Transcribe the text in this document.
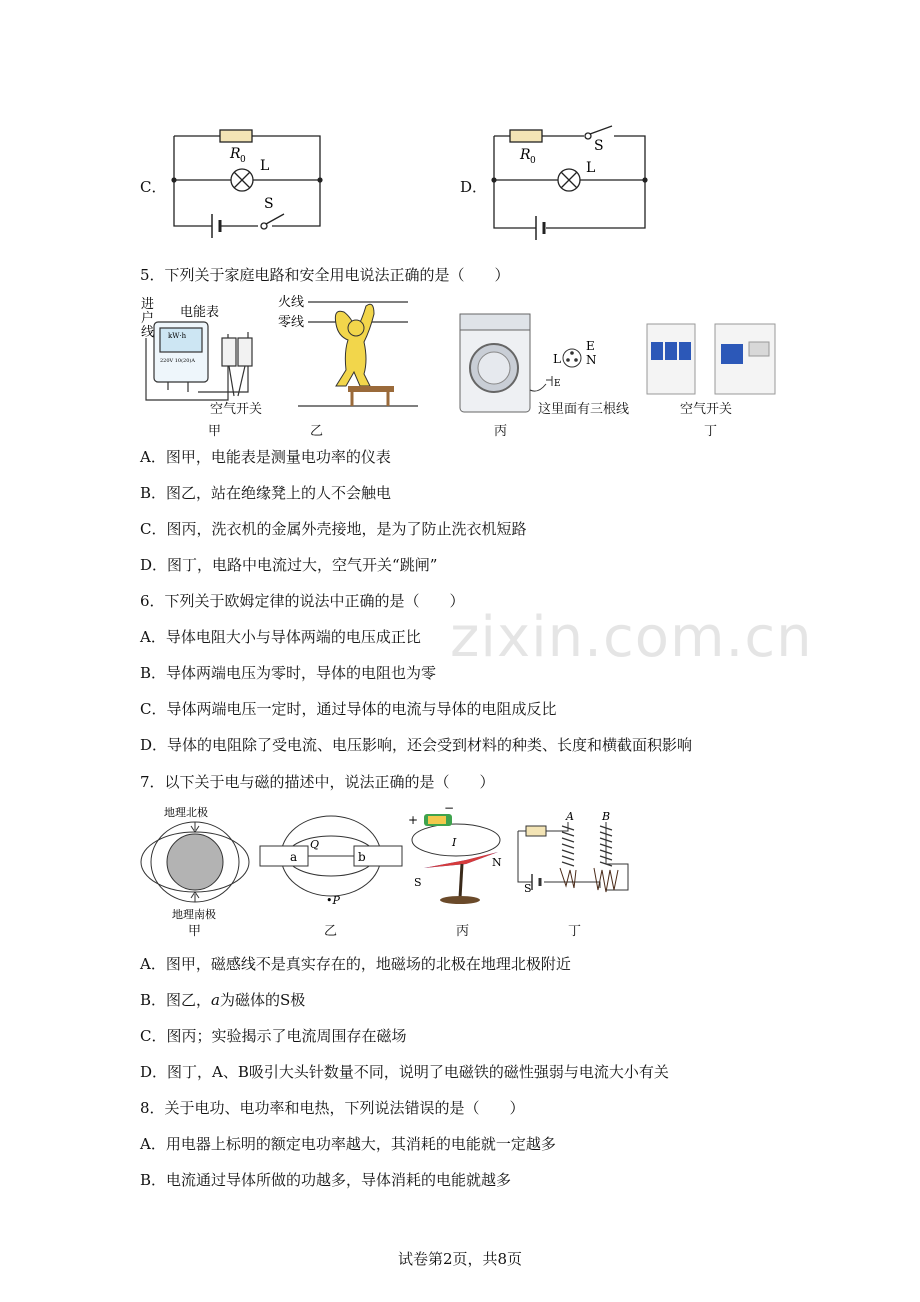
zixin.com.cn
C．
R 0 L
S
D．
R 0	L
S
5．下列关于家庭电路和安全用电说法正确的是（　　）
进
户
线
电能表
kW·h
220V 10(20)A
空气开关
甲
火线
零线
乙
L
E
N
E
这里面有三根线
丙
空气开关
丁
A．图甲，电能表是测量电功率的仪表
B．图乙，站在绝缘凳上的人不会触电
C．图丙，洗衣机的金属外壳接地，是为了防止洗衣机短路
D．图丁，电路中电流过大，空气开关“跳闸”
6．下列关于欧姆定律的说法中正确的是（　　）
A．导体电阻大小与导体两端的电压成正比
B．导体两端电压为零时，导体的电阻也为零
C．导体两端电压一定时，通过导体的电流与导体的电阻成反比
D．导体的电阻除了受电流、电压影响，还会受到材料的种类、长度和横截面积影响
7．以下关于电与磁的描述中，说法正确的是（　　）
地理北极
地理南极
甲
a	b
Q
•P
乙
+
−
I
S
N
丙
A	B
S
丁
A．图甲，磁感线不是真实存在的，地磁场的北极在地理北极附近
B．图乙，a为磁体的S极
C．图丙；实验揭示了电流周围存在磁场
D．图丁，A、B吸引大头针数量不同，说明了电磁铁的磁性强弱与电流大小有关
8．关于电功、电功率和电热，下列说法错误的是（　　）
A．用电器上标明的额定电功率越大，其消耗的电能就一定越多
B．电流通过导体所做的功越多，导体消耗的电能就越多
试卷第2页，共8页
